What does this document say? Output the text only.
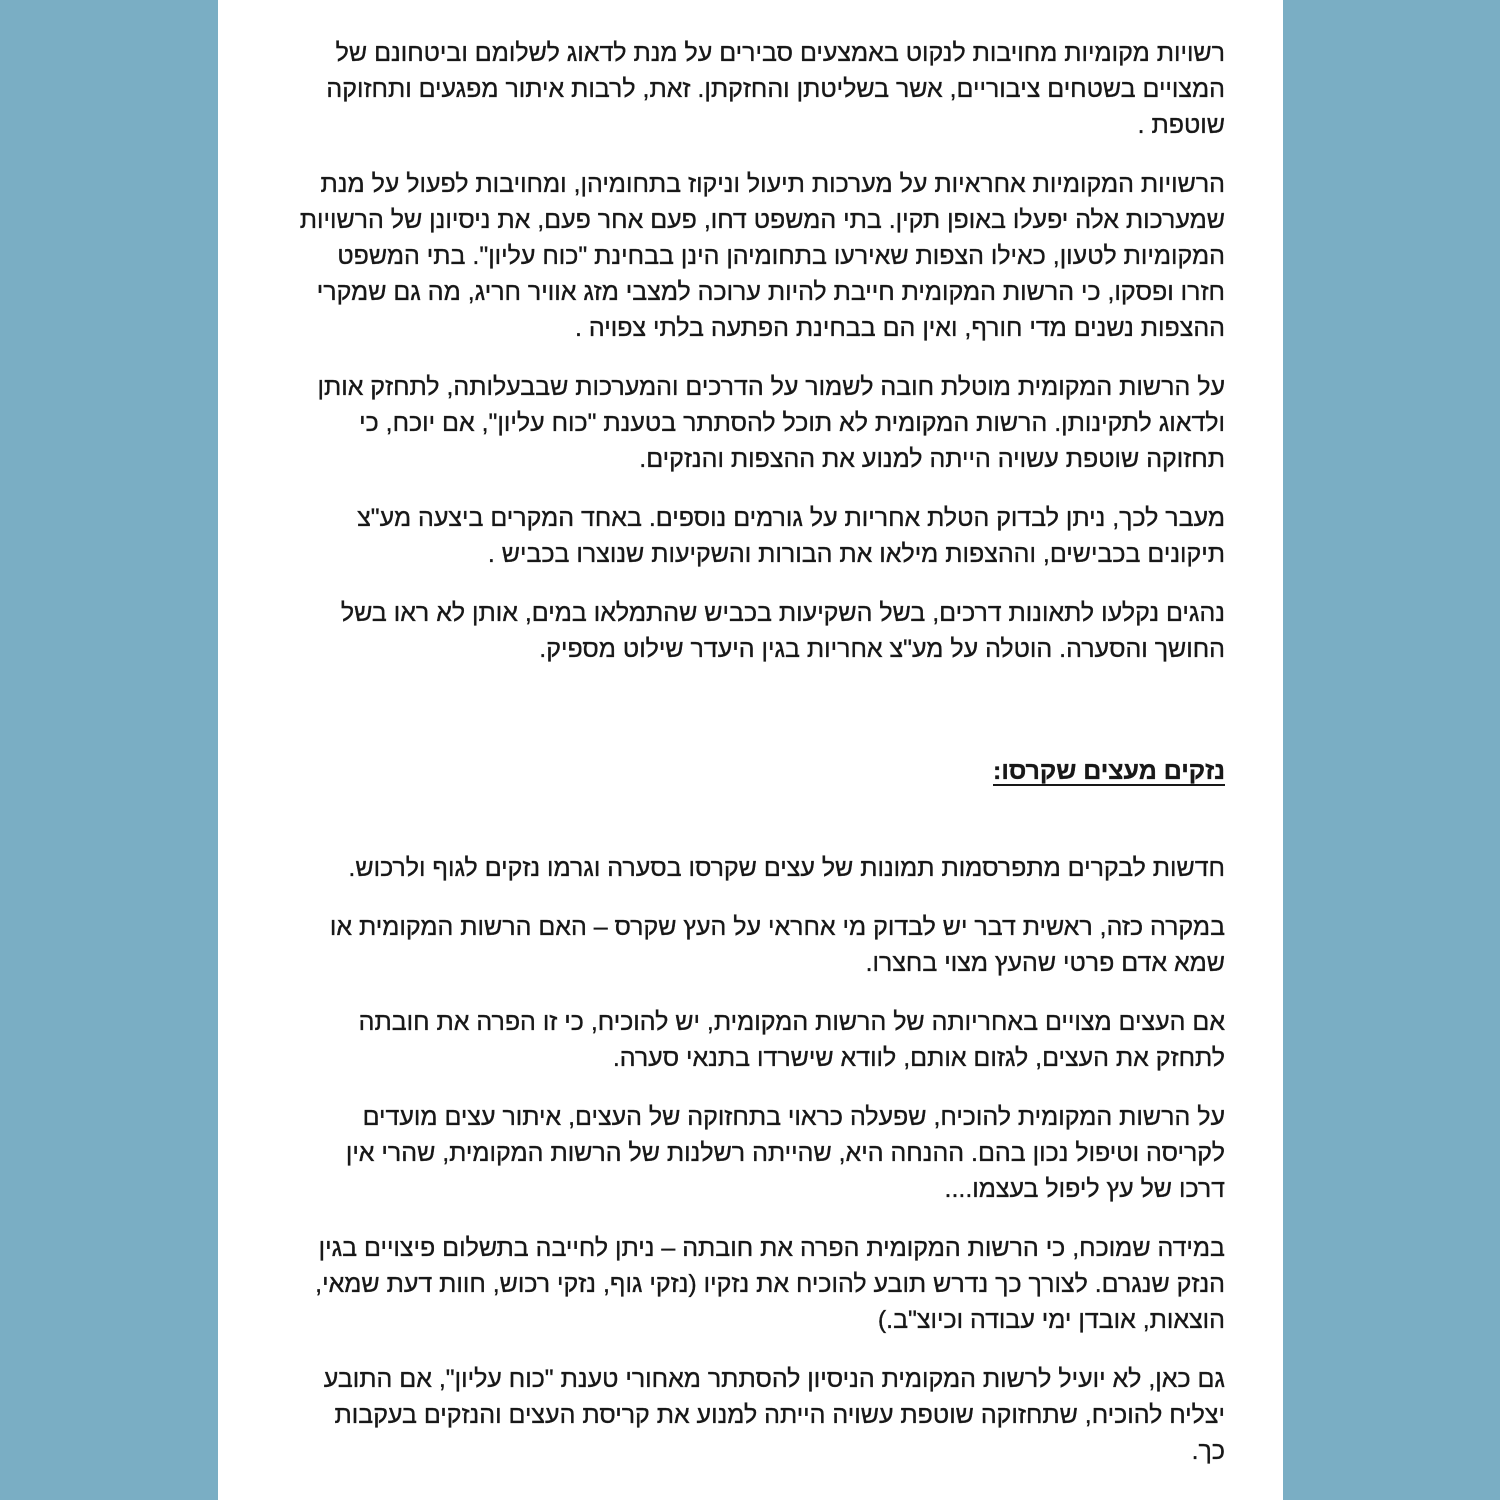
רשויות מקומיות מחויבות לנקוט באמצעים סבירים על מנת לדאוג לשלומם וביטחונם של
המצויים בשטחים ציבוריים, אשר בשליטתן והחזקתן. זאת, לרבות איתור מפגעים ותחזוקה
שוטפת .
הרשויות המקומיות אחראיות על מערכות תיעול וניקוז בתחומיהן, ומחויבות לפעול על מנת
שמערכות אלה יפעלו באופן תקין. בתי המשפט דחו, פעם אחר פעם, את ניסיונן של הרשויות
המקומיות לטעון, כאילו הצפות שאירעו בתחומיהן הינן בבחינת "כוח עליון". בתי המשפט
חזרו ופסקו, כי הרשות המקומית חייבת להיות ערוכה למצבי מזג אוויר חריג, מה גם שמקרי
ההצפות נשנים מדי חורף, ואין הם בבחינת הפתעה בלתי צפויה .
על הרשות המקומית מוטלת חובה לשמור על הדרכים והמערכות שבבעלותה, לתחזק אותן
ולדאוג לתקינותן. הרשות המקומית לא תוכל להסתתר בטענת "כוח עליון", אם יוכח, כי
תחזוקה שוטפת עשויה הייתה למנוע את ההצפות והנזקים.
מעבר לכך, ניתן לבדוק הטלת אחריות על גורמים נוספים. באחד המקרים ביצעה מע"צ
תיקונים בכבישים, וההצפות מילאו את הבורות והשקיעות שנוצרו בכביש .
נהגים נקלעו לתאונות דרכים, בשל השקיעות בכביש שהתמלאו במים, אותן לא ראו בשל
החושך והסערה. הוטלה על מע"צ אחריות בגין היעדר שילוט מספיק.
נזקים מעצים שקרסו:
חדשות לבקרים מתפרסמות תמונות של עצים שקרסו בסערה וגרמו נזקים לגוף ולרכוש.
במקרה כזה, ראשית דבר יש לבדוק מי אחראי על העץ שקרס – האם הרשות המקומית או
שמא אדם פרטי שהעץ מצוי בחצרו.
אם העצים מצויים באחריותה של הרשות המקומית, יש להוכיח, כי זו הפרה את חובתה
לתחזק את העצים, לגזום אותם, לוודא שישרדו בתנאי סערה.
על הרשות המקומית להוכיח, שפעלה כראוי בתחזוקה של העצים, איתור עצים מועדים
לקריסה וטיפול נכון בהם. ההנחה היא, שהייתה רשלנות של הרשות המקומית, שהרי אין
דרכו של עץ ליפול בעצמו....
במידה שמוכח, כי הרשות המקומית הפרה את חובתה – ניתן לחייבה בתשלום פיצויים בגין
הנזק שנגרם. לצורך כך נדרש תובע להוכיח את נזקיו (נזקי גוף, נזקי רכוש, חוות דעת שמאי,
הוצאות, אובדן ימי עבודה וכיוצ"ב.)
גם כאן, לא יועיל לרשות המקומית הניסיון להסתתר מאחורי טענת "כוח עליון", אם התובע
יצליח להוכיח, שתחזוקה שוטפת עשויה הייתה למנוע את קריסת העצים והנזקים בעקבות
כך.
